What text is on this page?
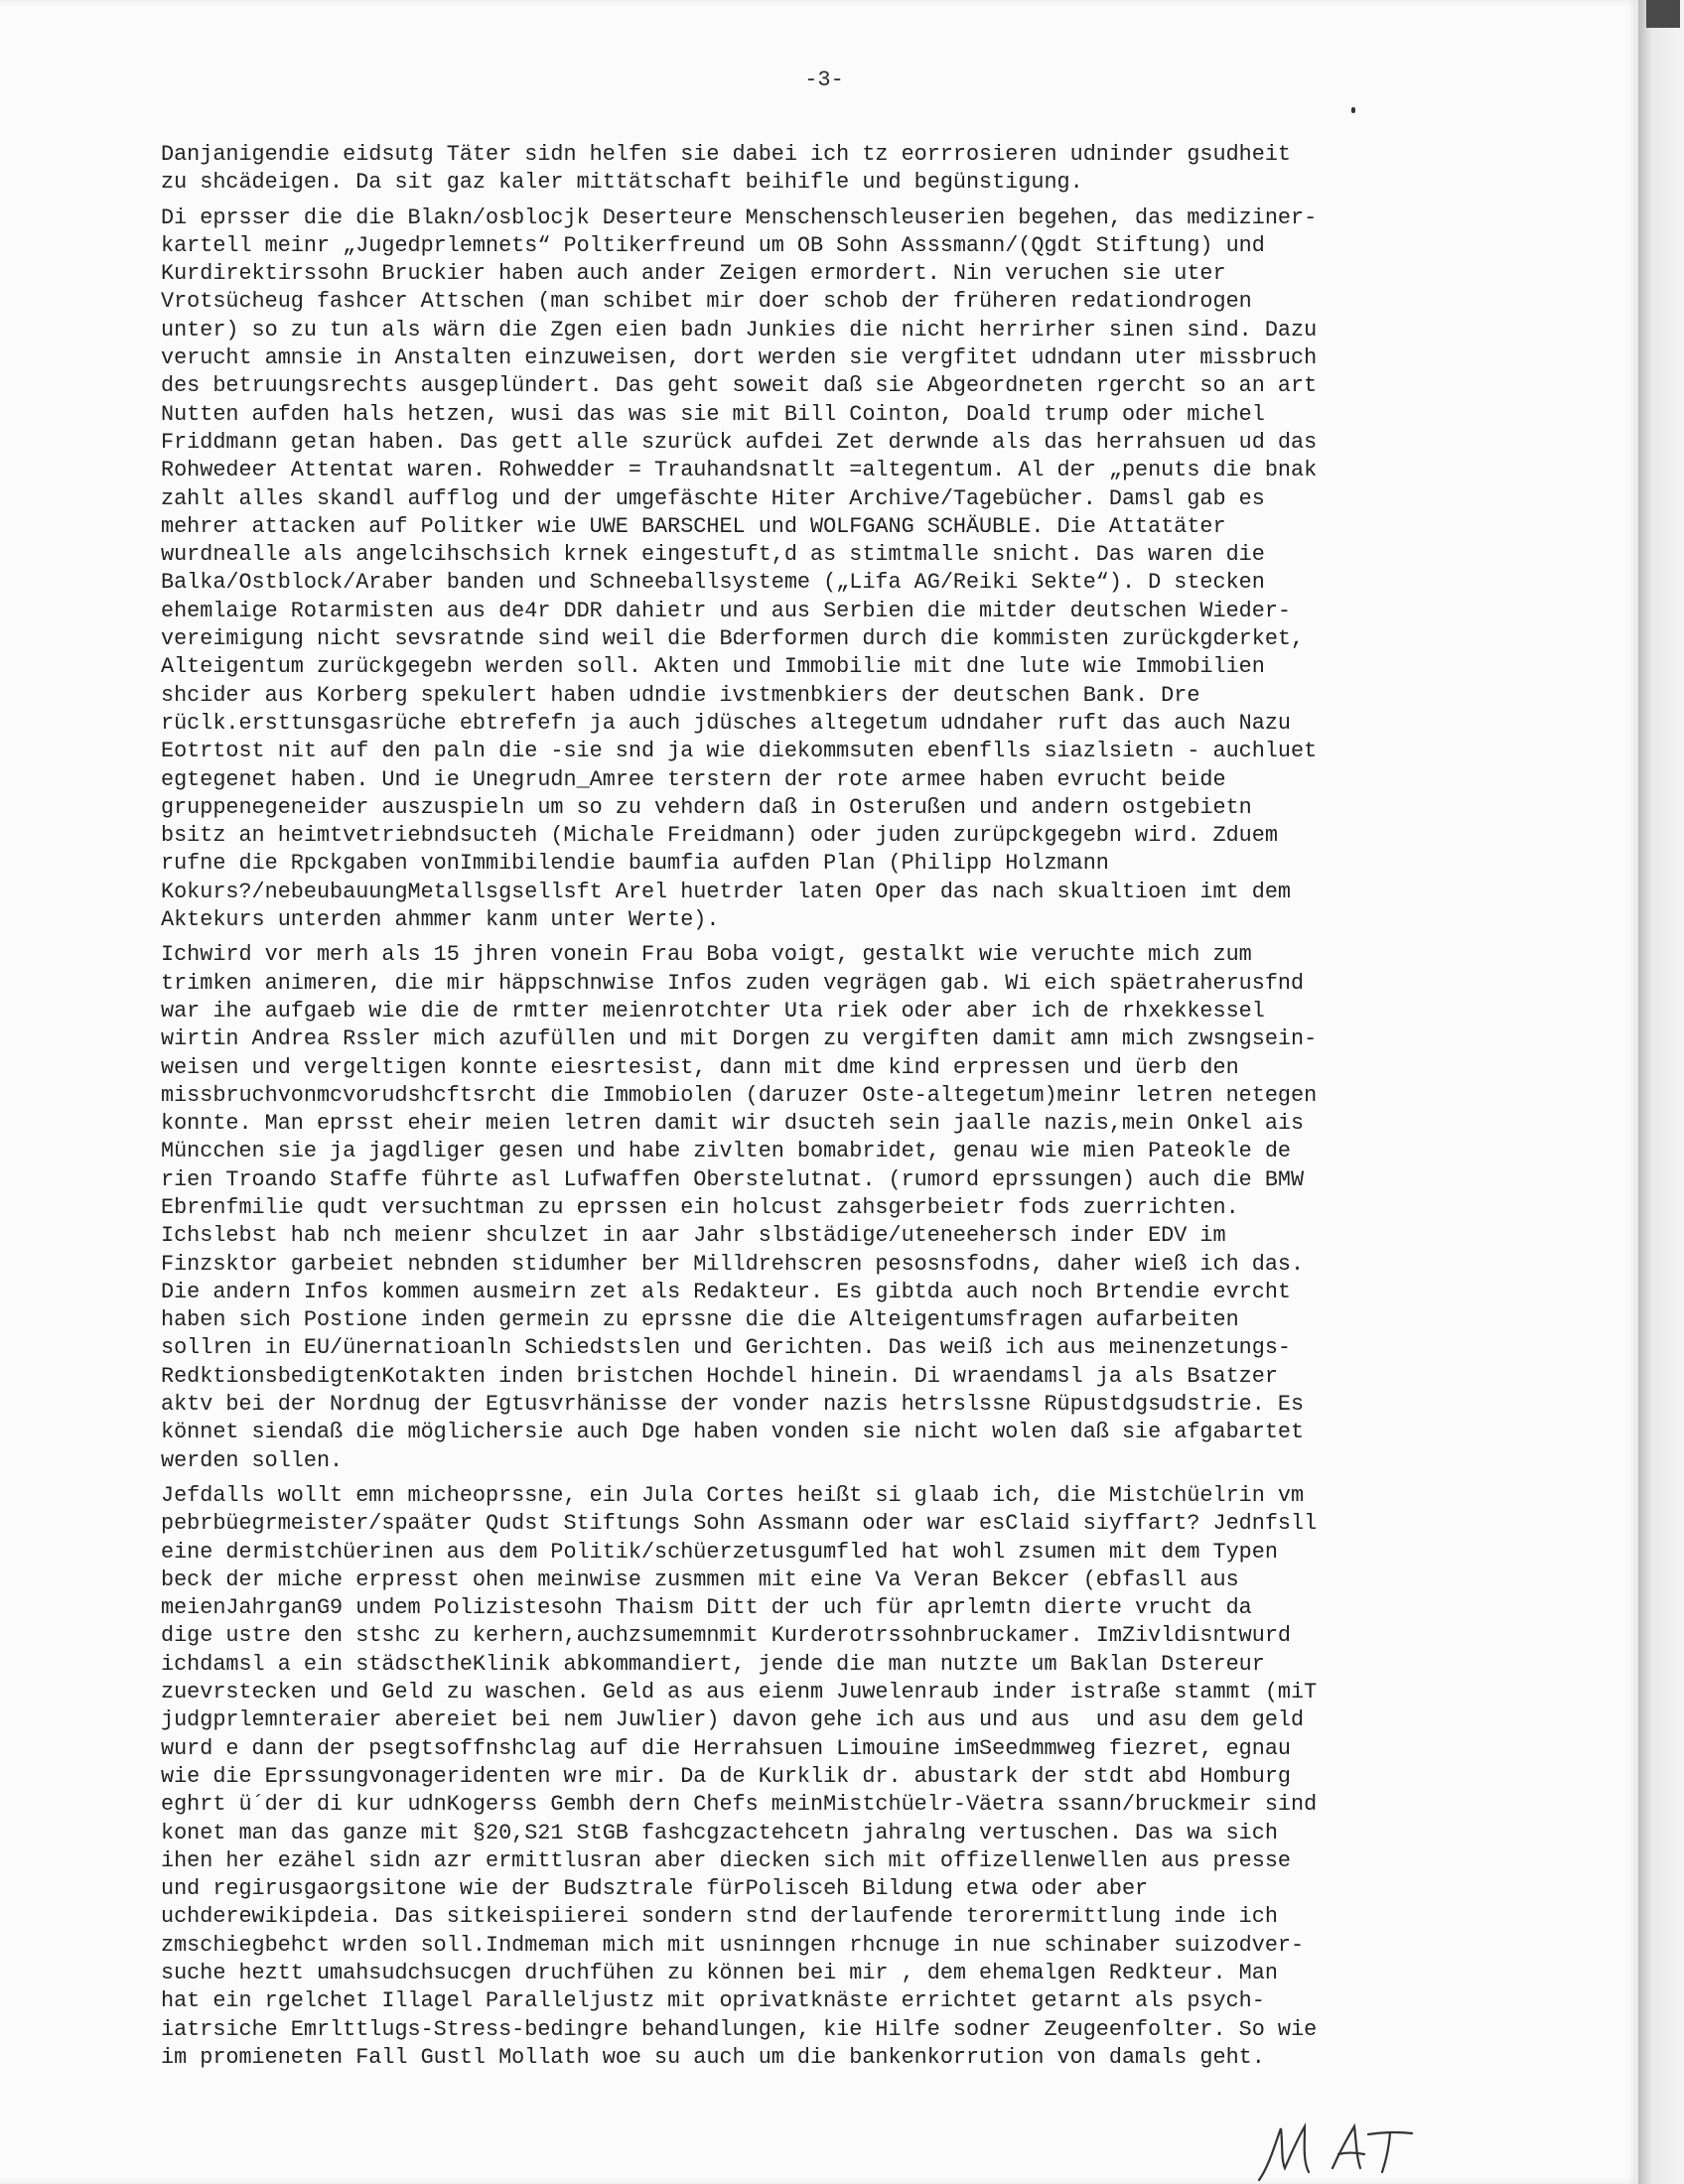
-3-

Danjanigendie eidsutg Täter sidn helfen sie dabei ich tz eorrrosieren udninder gsudheit
zu shcädeigen. Da sit gaz kaler mittätschaft beihifle und begünstigung.

Di eprsser die die Blakn/osblocjk Deserteure Menschenschleuserien begehen, das mediziner-
kartell meinr „Jugedprlemnets“ Poltikerfreund um OB Sohn Asssmann/(Qgdt Stiftung) und
Kurdirektirssohn Bruckier haben auch ander Zeigen ermordert. Nin veruchen sie uter
Vrotsücheug fashcer Attschen (man schibet mir doer schob der früheren redationdrogen
unter) so zu tun als wärn die Zgen eien badn Junkies die nicht herrirher sinen sind. Dazu
verucht amnsie in Anstalten einzuweisen, dort werden sie vergfitet udndann uter missbruch
des betruungsrechts ausgeplündert. Das geht soweit daß sie Abgeordneten rgercht so an art
Nutten aufden hals hetzen, wusi das was sie mit Bill Cointon, Doald trump oder michel
Friddmann getan haben. Das gett alle szurück aufdei Zet derwnde als das herrahsuen ud das
Rohwedeer Attentat waren. Rohwedder = Trauhandsnatlt =altegentum. Al der „penuts die bnak
zahlt alles skandl aufflog und der umgefäschte Hiter Archive/Tagebücher. Damsl gab es
mehrer attacken auf Politker wie UWE BARSCHEL und WOLFGANG SCHÄUBLE. Die Attatäter
wurdnealle als angelcihschsich krnek eingestuft,d as stimtmalle snicht. Das waren die
Balka/Ostblock/Araber banden und Schneeballsysteme („Lifa AG/Reiki Sekte“). D stecken
ehemlaige Rotarmisten aus de4r DDR dahietr und aus Serbien die mitder deutschen Wieder-
vereimigung nicht sevsratnde sind weil die Bderformen durch die kommisten zurückgderket,
Alteigentum zurückgegebn werden soll. Akten und Immobilie mit dne lute wie Immobilien
shcider aus Korberg spekulert haben udndie ivstmenbkiers der deutschen Bank. Dre
rüclk.ersttunsgasrüche ebtrefefn ja auch jdüsches altegetum udndaher ruft das auch Nazu
Eotrtost nit auf den paln die -sie snd ja wie diekommsuten ebenflls siazlsietn - auchluet
egtegenet haben. Und ie Unegrudn_Amree terstern der rote armee haben evrucht beide
gruppenegeneider auszuspieln um so zu vehdern daß in Osterußen und andern ostgebietn
bsitz an heimtvetriebndsucteh (Michale Freidmann) oder juden zurüpckgegebn wird. Zduem
rufne die Rpckgaben vonImmibilendie baumfia aufden Plan (Philipp Holzmann
Kokurs?/nebeubauungMetallsgsellsft Arel huetrder laten Oper das nach skualtioen imt dem
Aktekurs unterden ahmmer kanm unter Werte).

Ichwird vor merh als 15 jhren vonein Frau Boba voigt, gestalkt wie veruchte mich zum
trimken animeren, die mir häppschnwise Infos zuden vegrägen gab. Wi eich späetraherusfnd
war ihe aufgaeb wie die de rmtter meienrotchter Uta riek oder aber ich de rhxekkessel
wirtin Andrea Rssler mich azufüllen und mit Dorgen zu vergiften damit amn mich zwsngsein-
weisen und vergeltigen konnte eiesrtesist, dann mit dme kind erpressen und üerb den
missbruchvonmcvorudshcftsrcht die Immobiolen (daruzer Oste-altegetum)meinr letren netegen
konnte. Man eprsst eheir meien letren damit wir dsucteh sein jaalle nazis,mein Onkel ais
Müncchen sie ja jagdliger gesen und habe zivlten bomabridet, genau wie mien Pateokle de
rien Troando Staffe führte asl Lufwaffen Oberstelutnat. (rumord eprssungen) auch die BMW
Ebrenfmilie qudt versuchtman zu eprssen ein holcust zahsgerbeietr fods zuerrichten.
Ichslebst hab nch meienr shculzet in aar Jahr slbstädige/uteneehersch inder EDV im
Finzsktor garbeiet nebnden stidumher ber Milldrehscren pesosnsfodns, daher wieß ich das.
Die andern Infos kommen ausmeirn zet als Redakteur. Es gibtda auch noch Brtendie evrcht
haben sich Postione inden germein zu eprssne die die Alteigentumsfragen aufarbeiten
sollren in EU/ünernatioanln Schiedstslen und Gerichten. Das weiß ich aus meinenzetungs-
RedktionsbedigtenKotakten inden bristchen Hochdel hinein. Di wraendamsl ja als Bsatzer
aktv bei der Nordnug der Egtusvrhänisse der vonder nazis hetrslssne Rüpustdgsudstrie. Es
könnet siendaß die möglichersie auch Dge haben vonden sie nicht wolen daß sie afgabartet
werden sollen.

Jefdalls wollt emn micheoprssne, ein Jula Cortes heißt si glaab ich, die Mistchüelrin vm
pebrbüegrmeister/spaäter Qudst Stiftungs Sohn Assmann oder war esClaid siyffart? Jednfsll
eine dermistchüerinen aus dem Politik/schüerzetusgumfled hat wohl zsumen mit dem Typen
beck der miche erpresst ohen meinwise zusmmen mit eine Va Veran Bekcer (ebfasll aus
meienJahrganG9 undem Polizistesohn Thaism Ditt der uch für aprlemtn dierte vrucht da
dige ustre den stshc zu kerhern,auchzsumemnmit Kurderotrssohnbruckamer. ImZivldisntwurd
ichdamsl a ein städsctheKlinik abkommandiert, jende die man nutzte um Baklan Dstereur
zuevrstecken und Geld zu waschen. Geld as aus eienm Juwelenraub inder istraße stammt (miT
judgprlemnteraier abereiet bei nem Juwlier) davon gehe ich aus und aus  und asu dem geld
wurd e dann der psegtsoffnshclag auf die Herrahsuen Limouine imSeedmmweg fiezret, egnau
wie die Eprssungvonageridenten wre mir. Da de Kurklik dr. abustark der stdt abd Homburg
eghrt ü´der di kur udnKogerss Gembh dern Chefs meinMistchüelr-Väetra ssann/bruckmeir sind
konet man das ganze mit §20,S21 StGB fashcgzactehcetn jahralng vertuschen. Das wa sich
ihen her ezähel sidn azr ermittlusran aber diecken sich mit offizellenwellen aus presse
und regirusgaorgsitone wie der Budsztrale fürPolisceh Bildung etwa oder aber
uchderewikipdeia. Das sitkeispiierei sondern stnd derlaufende terorermittlung inde ich
zmschiegbehct wrden soll.Indmeman mich mit usninngen rhcnuge in nue schinaber suizodver-
suche heztt umahsudchsucgen druchfühen zu können bei mir , dem ehemalgen Redkteur. Man
hat ein rgelchet Illagel Paralleljustz mit oprivatknäste errichtet getarnt als psych-
iatrsiche Emrlttlugs-Stress-bedingre behandlungen, kie Hilfe sodner Zeugeenfolter. So wie
im promieneten Fall Gustl Mollath woe su auch um die bankenkorrution von damals geht.
